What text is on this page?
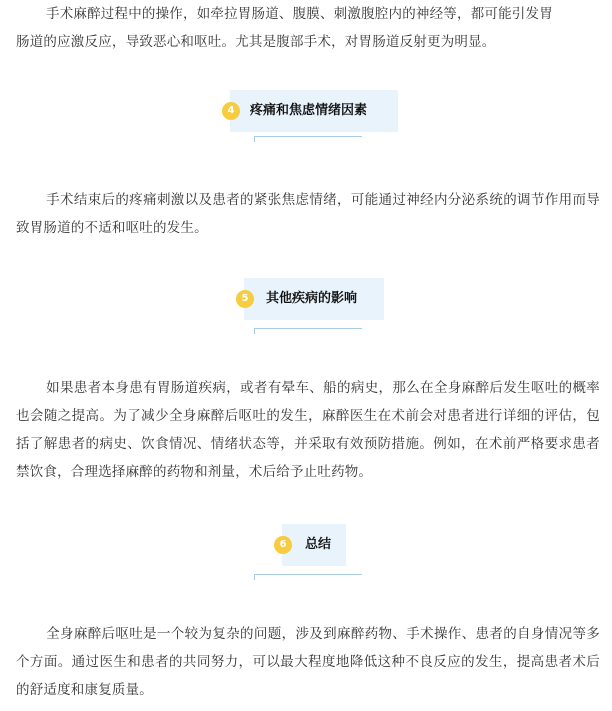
手术麻醉过程中的操作，如牵拉胃肠道、腹膜、刺激腹腔内的神经等，都可能引发胃

肠道的应激反应，导致恶心和呕吐。尤其是腹部手术，对胃肠道反射更为明显。

4	疼痛和焦虑情绪因素

手术结束后的疼痛刺激以及患者的紧张焦虑情绪，可能通过神经内分泌系统的调节作用而导致胃肠道的不适和呕吐的发生。

5	其他疾病的影响

如果患者本身患有胃肠道疾病，或者有晕车、船的病史，那么在全身麻醉后发生呕吐的概率也会随之提高。为了减少全身麻醉后呕吐的发生，麻醉医生在术前会对患者进行详细的评估，包括了解患者的病史、饮食情况、情绪状态等，并采取有效预防措施。例如，在术前严格要求患者禁饮食，合理选择麻醉的药物和剂量，术后给予止吐药物。

6	总结

全身麻醉后呕吐是一个较为复杂的问题，涉及到麻醉药物、手术操作、患者的自身情况等多个方面。通过医生和患者的共同努力，可以最大程度地降低这种不良反应的发生，提高患者术后的舒适度和康复质量。
